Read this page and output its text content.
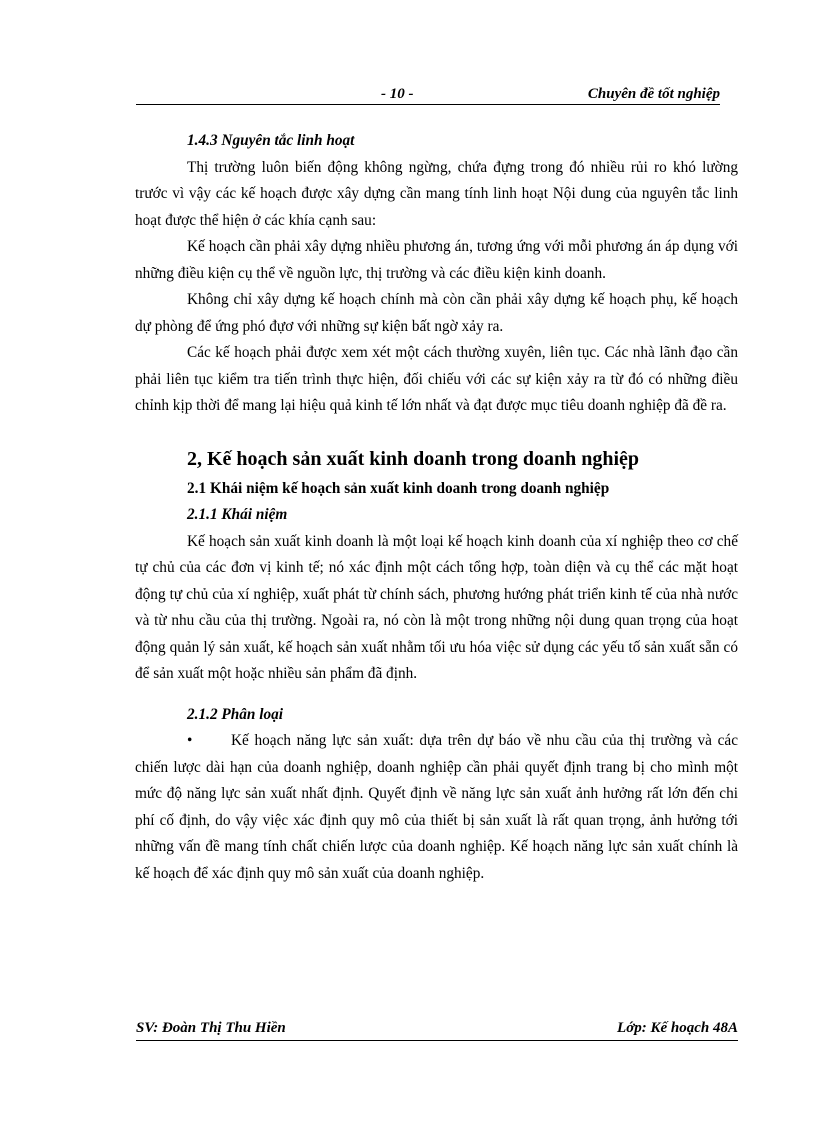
- 10 -	Chuyên đề tốt nghiệp

1.4.3 Nguyên tắc linh hoạt

Thị trường luôn biến động không ngừng, chứa đựng trong đó nhiều rủi ro khó lường trước vì vậy các kế hoạch được xây dựng cần mang tính linh hoạt Nội dung của nguyên tắc linh hoạt được thể hiện ở các khía cạnh sau:

Kế hoạch cần phải xây dựng nhiều phương án, tương ứng với mỗi phương án áp dụng với những điều kiện cụ thể về nguồn lực, thị trường và các điều kiện kinh doanh.

Không chỉ xây dựng kế hoạch chính mà còn cần phải xây dựng kế hoạch phụ, kế hoạch dự phòng để ứng phó đựơ với những sự kiện bất ngờ xảy ra.

Các kế hoạch phải được xem xét một cách thường xuyên, liên tục. Các nhà lãnh đạo cần phải liên tục kiểm tra tiến trình thực hiện, đối chiếu với các sự kiện xảy ra từ đó có những điều chỉnh kịp thời để mang lại hiệu quả kinh tế lớn nhất và đạt được mục tiêu doanh nghiệp đã đề ra.

2, Kế hoạch sản xuất kinh doanh trong doanh nghiệp

2.1 Khái niệm kế hoạch sản xuất kinh doanh trong doanh nghiệp

2.1.1 Khái niệm

Kế hoạch sản xuất kinh doanh là một loại kế hoạch kinh doanh của xí nghiệp theo cơ chế tự chủ của các đơn vị kinh tế; nó xác định một cách tổng hợp, toàn diện và cụ thể các mặt hoạt động tự chủ của xí nghiệp, xuất phát từ chính sách, phương hướng phát triển kinh tế của nhà nước và từ nhu cầu của thị trường. Ngoài ra, nó còn là một trong những nội dung quan trọng của hoạt động quản lý sản xuất, kế hoạch sản xuất nhằm tối ưu hóa việc sử dụng các yếu tố sản xuất sẵn có để sản xuất một hoặc nhiều sản phẩm đã định.

2.1.2 Phân loại

•	Kế hoạch năng lực sản xuất: dựa trên dự báo về nhu cầu của thị trường và các chiến lược dài hạn của doanh nghiệp, doanh nghiệp cần phải quyết định trang bị cho mình một mức độ năng lực sản xuất nhất định. Quyết định về năng lực sản xuất ảnh hưởng rất lớn đến chi phí cố định, do vậy việc xác định quy mô của thiết bị sản xuất là rất quan trọng, ảnh hưởng tới những vấn đề mang tính chất chiến lược của doanh nghiệp. Kế hoạch năng lực sản xuất chính là kế hoạch để xác định quy mô sản xuất của doanh nghiệp.

SV: Đoàn Thị Thu Hiền	Lớp: Kế hoạch 48A
